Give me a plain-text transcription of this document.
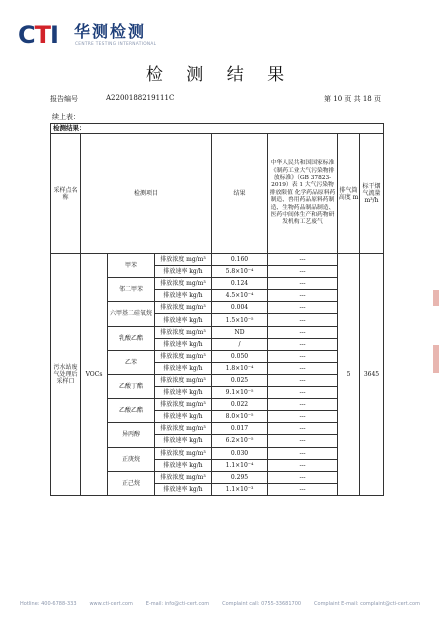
CTI 华测检测
CENTRE TESTING INTERNATIONAL
检 测 结 果
报告编号	A2200188219111C	第 10 页 共 18 页
续上表：
检测结果：							
采样点名称	检测项目			结果	中华人民共和国国家标准《制药工业大气污染物排放标准》（GB 37823-2019）表 1 大气污染物排放限值 化学药品原料药制造、兽用药品原料药制造、生物药品制品制造、医药中间体生产和药物研发机构工艺废气	排气筒高度 m	标干烟气流量 m³/h
污水站废气处理后采样口	VOCs	甲苯	排放浓度 mg/m³	0.160	---	5	3645
			排放速率 kg/h	5.8×10⁻⁴	---		
		邻二甲苯	排放浓度 mg/m³	0.124	---		
			排放速率 kg/h	4.5×10⁻⁴	---		
		六甲基二硅氧烷	排放浓度 mg/m³	0.004	---		
			排放速率 kg/h	1.5×10⁻⁵	---		
		乳酸乙酯	排放浓度 mg/m³	ND	---		
			排放速率 kg/h	/	---		
		乙苯	排放浓度 mg/m³	0.050	---		
			排放速率 kg/h	1.8×10⁻⁴	---		
		乙酸丁酯	排放浓度 mg/m³	0.025	---		
			排放速率 kg/h	9.1×10⁻⁵	---		
		乙酸乙酯	排放浓度 mg/m³	0.022	---		
			排放速率 kg/h	8.0×10⁻⁵	---		
		异丙醇	排放浓度 mg/m³	0.017	---		
			排放速率 kg/h	6.2×10⁻⁵	---		
		正庚烷	排放浓度 mg/m³	0.030	---		
			排放速率 kg/h	1.1×10⁻⁴	---		
		正己烷	排放浓度 mg/m³	0.295	---		
			排放速率 kg/h	1.1×10⁻³	---		
Hotline: 400-6788-333	www.cti-cert.com	E-mail: info@cti-cert.com	Complaint call: 0755-33681700	Complaint E-mail: complaint@cti-cert.com
